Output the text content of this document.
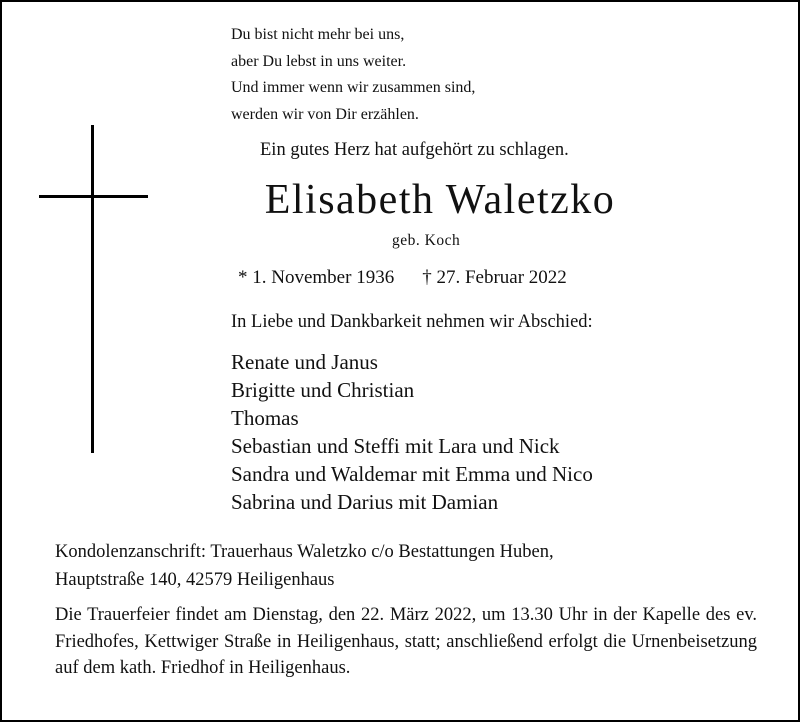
Du bist nicht mehr bei uns,
aber Du lebst in uns weiter.
Und immer wenn wir zusammen sind,
werden wir von Dir erzählen.
Ein gutes Herz hat aufgehört zu schlagen.
Elisabeth Waletzko
geb. Koch
* 1. November 1936 † 27. Februar 2022
In Liebe und Dankbarkeit nehmen wir Abschied:
Renate und Janus
Brigitte und Christian
Thomas
Sebastian und Steffi mit Lara und Nick
Sandra und Waldemar mit Emma und Nico
Sabrina und Darius mit Damian
Kondolenzanschrift: Trauerhaus Waletzko c/o Bestattungen Huben,
Hauptstraße 140, 42579 Heiligenhaus
Die Trauerfeier findet am Dienstag, den 22. März 2022, um 13.30 Uhr in der Kapelle des ev. Friedhofes, Kettwiger Straße in Heiligenhaus, statt; anschließend erfolgt die Urnenbeisetzung auf dem kath. Friedhof in Heiligenhaus.
